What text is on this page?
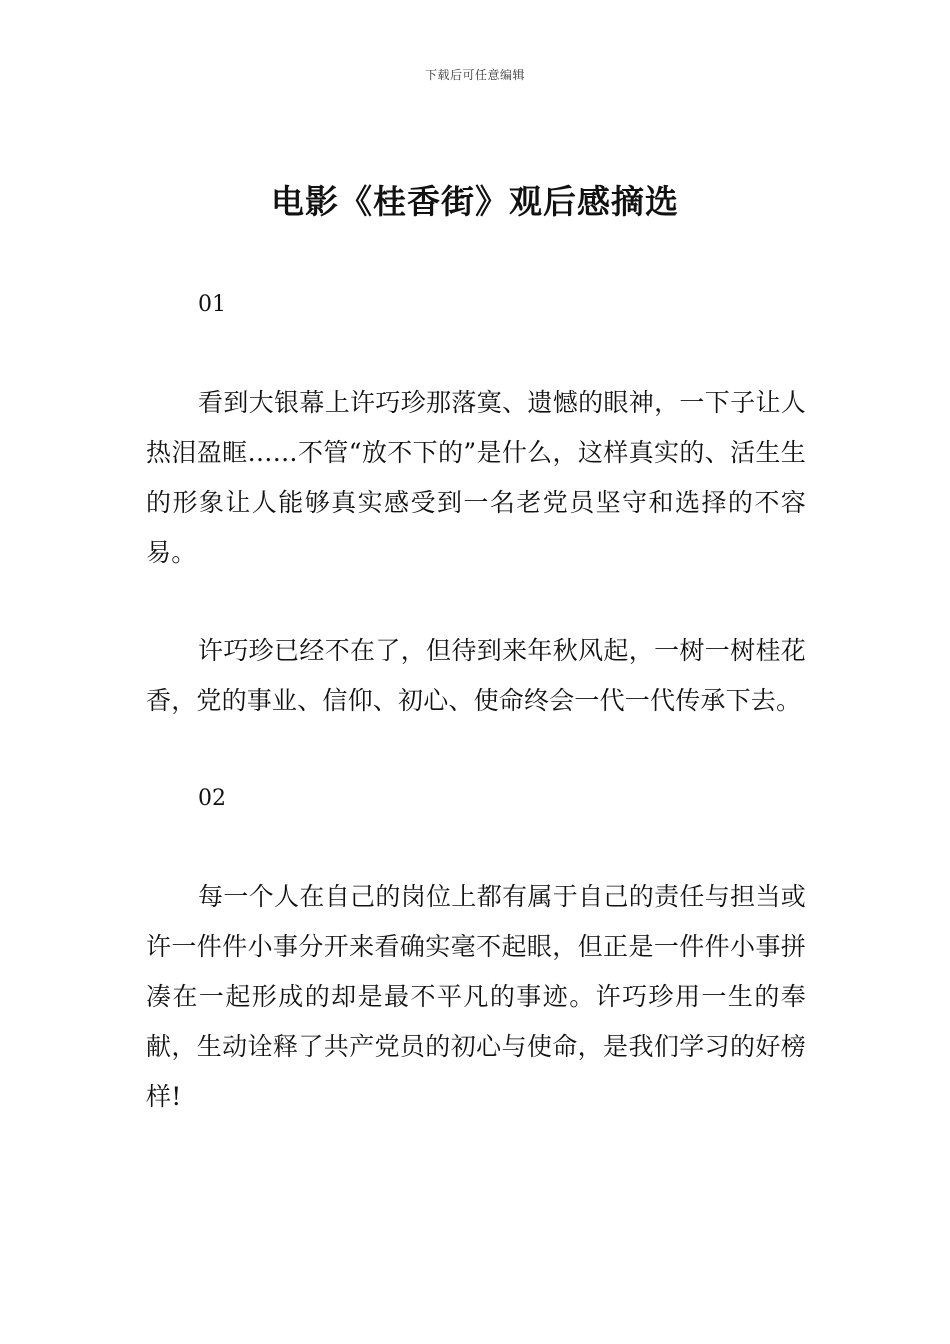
下载后可任意编辑
电影《桂香街》观后感摘选
01

看到大银幕上许巧珍那落寞、遗憾的眼神，一下子让人热泪盈眶……不管“放不下的”是什么，这样真实的、活生生的形象让人能够真实感受到一名老党员坚守和选择的不容易。

许巧珍已经不在了，但待到来年秋风起，一树一树桂花香，党的事业、信仰、初心、使命终会一代一代传承下去。

02

每一个人在自己的岗位上都有属于自己的责任与担当或许一件件小事分开来看确实毫不起眼，但正是一件件小事拼凑在一起形成的却是最不平凡的事迹。许巧珍用一生的奉献，生动诠释了共产党员的初心与使命，是我们学习的好榜样!
